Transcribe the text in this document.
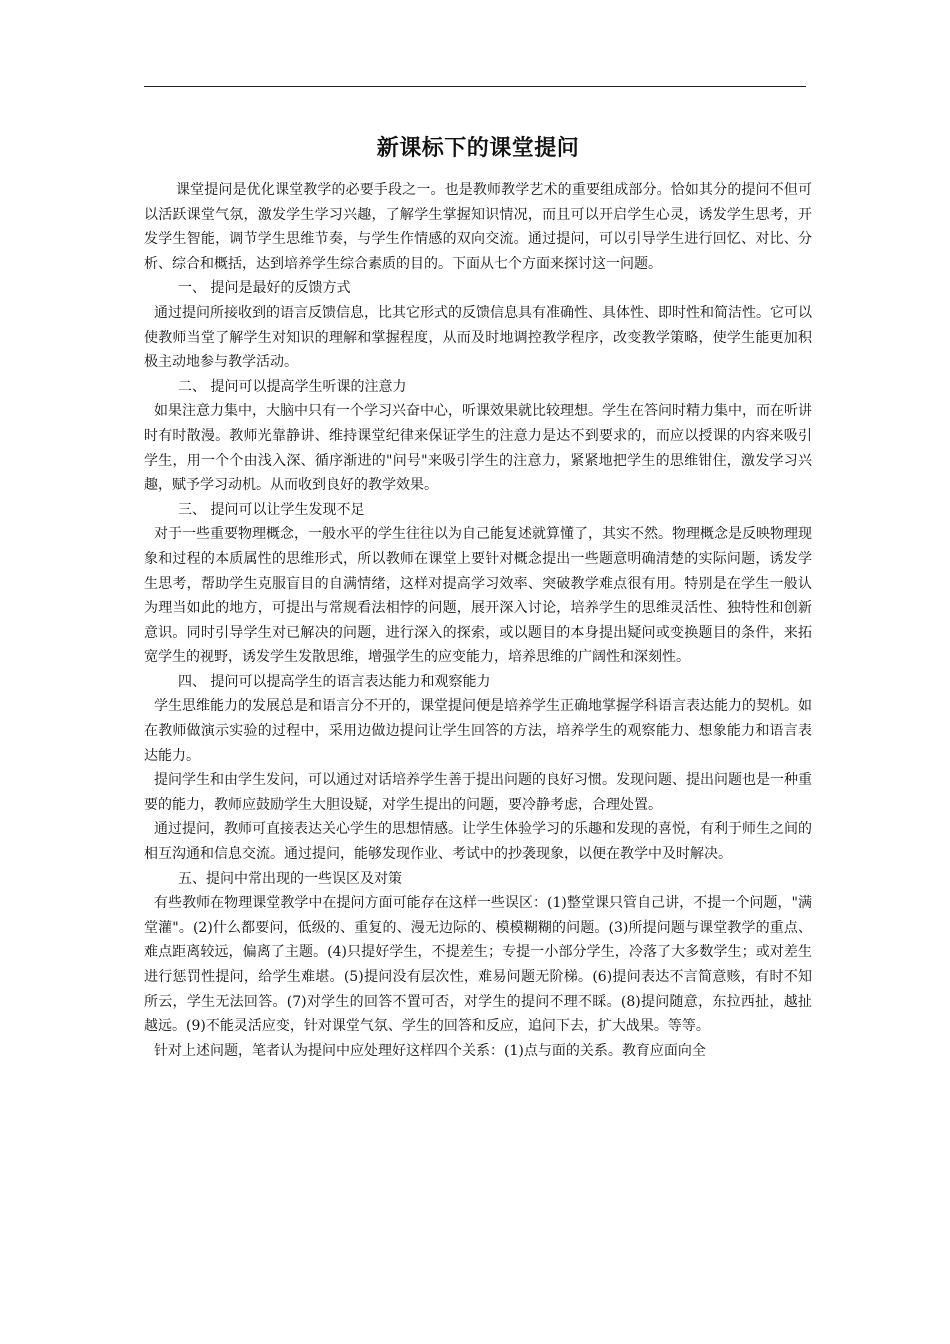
新课标下的课堂提问

课堂提问是优化课堂教学的必要手段之一。也是教师教学艺术的重要组成部分。恰如其分的提问不但可以活跃课堂气氛，激发学生学习兴趣，了解学生掌握知识情况，而且可以开启学生心灵，诱发学生思考，开发学生智能，调节学生思维节奏，与学生作情感的双向交流。通过提问，可以引导学生进行回忆、对比、分析、综合和概括，达到培养学生综合素质的目的。下面从七个方面来探讨这一问题。

一、 提问是最好的反馈方式

通过提问所接收到的语言反馈信息，比其它形式的反馈信息具有准确性、具体性、即时性和简洁性。它可以使教师当堂了解学生对知识的理解和掌握程度，从而及时地调控教学程序，改变教学策略，使学生能更加积极主动地参与教学活动。

二、 提问可以提高学生听课的注意力

如果注意力集中，大脑中只有一个学习兴奋中心，听课效果就比较理想。学生在答问时精力集中，而在听讲时有时散漫。教师光靠静讲、维持课堂纪律来保证学生的注意力是达不到要求的，而应以授课的内容来吸引学生，用一个个由浅入深、循序渐进的"问号"来吸引学生的注意力，紧紧地把学生的思维钳住，激发学习兴趣，赋予学习动机。从而收到良好的教学效果。

三、 提问可以让学生发现不足

对于一些重要物理概念，一般水平的学生往往以为自己能复述就算懂了，其实不然。物理概念是反映物理现象和过程的本质属性的思维形式，所以教师在课堂上要针对概念提出一些题意明确清楚的实际问题，诱发学生思考，帮助学生克服盲目的自满情绪，这样对提高学习效率、突破教学难点很有用。特别是在学生一般认为理当如此的地方，可提出与常规看法相悖的问题，展开深入讨论，培养学生的思维灵活性、独特性和创新意识。同时引导学生对已解决的问题，进行深入的探索，或以题目的本身提出疑问或变换题目的条件，来拓宽学生的视野，诱发学生发散思维，增强学生的应变能力，培养思维的广阔性和深刻性。

四、 提问可以提高学生的语言表达能力和观察能力

学生思维能力的发展总是和语言分不开的，课堂提问便是培养学生正确地掌握学科语言表达能力的契机。如在教师做演示实验的过程中，采用边做边提问让学生回答的方法，培养学生的观察能力、想象能力和语言表达能力。

提问学生和由学生发问，可以通过对话培养学生善于提出问题的良好习惯。发现问题、提出问题也是一种重要的能力，教师应鼓励学生大胆设疑，对学生提出的问题，要冷静考虑，合理处置。

通过提问，教师可直接表达关心学生的思想情感。让学生体验学习的乐趣和发现的喜悦，有利于师生之间的相互沟通和信息交流。通过提问，能够发现作业、考试中的抄袭现象，以便在教学中及时解决。

五、提问中常出现的一些误区及对策

有些教师在物理课堂教学中在提问方面可能存在这样一些误区：(1)整堂课只管自己讲，不提一个问题，"满堂灌"。(2)什么都要问，低级的、重复的、漫无边际的、模模糊糊的问题。(3)所提问题与课堂教学的重点、难点距离较远，偏离了主题。(4)只提好学生，不提差生；专提一小部分学生，冷落了大多数学生；或对差生进行惩罚性提问，给学生难堪。(5)提问没有层次性，难易问题无阶梯。(6)提问表达不言简意赅，有时不知所云，学生无法回答。(7)对学生的回答不置可否，对学生的提问不理不睬。(8)提问随意，东拉西扯，越扯越远。(9)不能灵活应变，针对课堂气氛、学生的回答和反应，追问下去，扩大战果。等等。

针对上述问题，笔者认为提问中应处理好这样四个关系：(1)点与面的关系。教育应面向全
